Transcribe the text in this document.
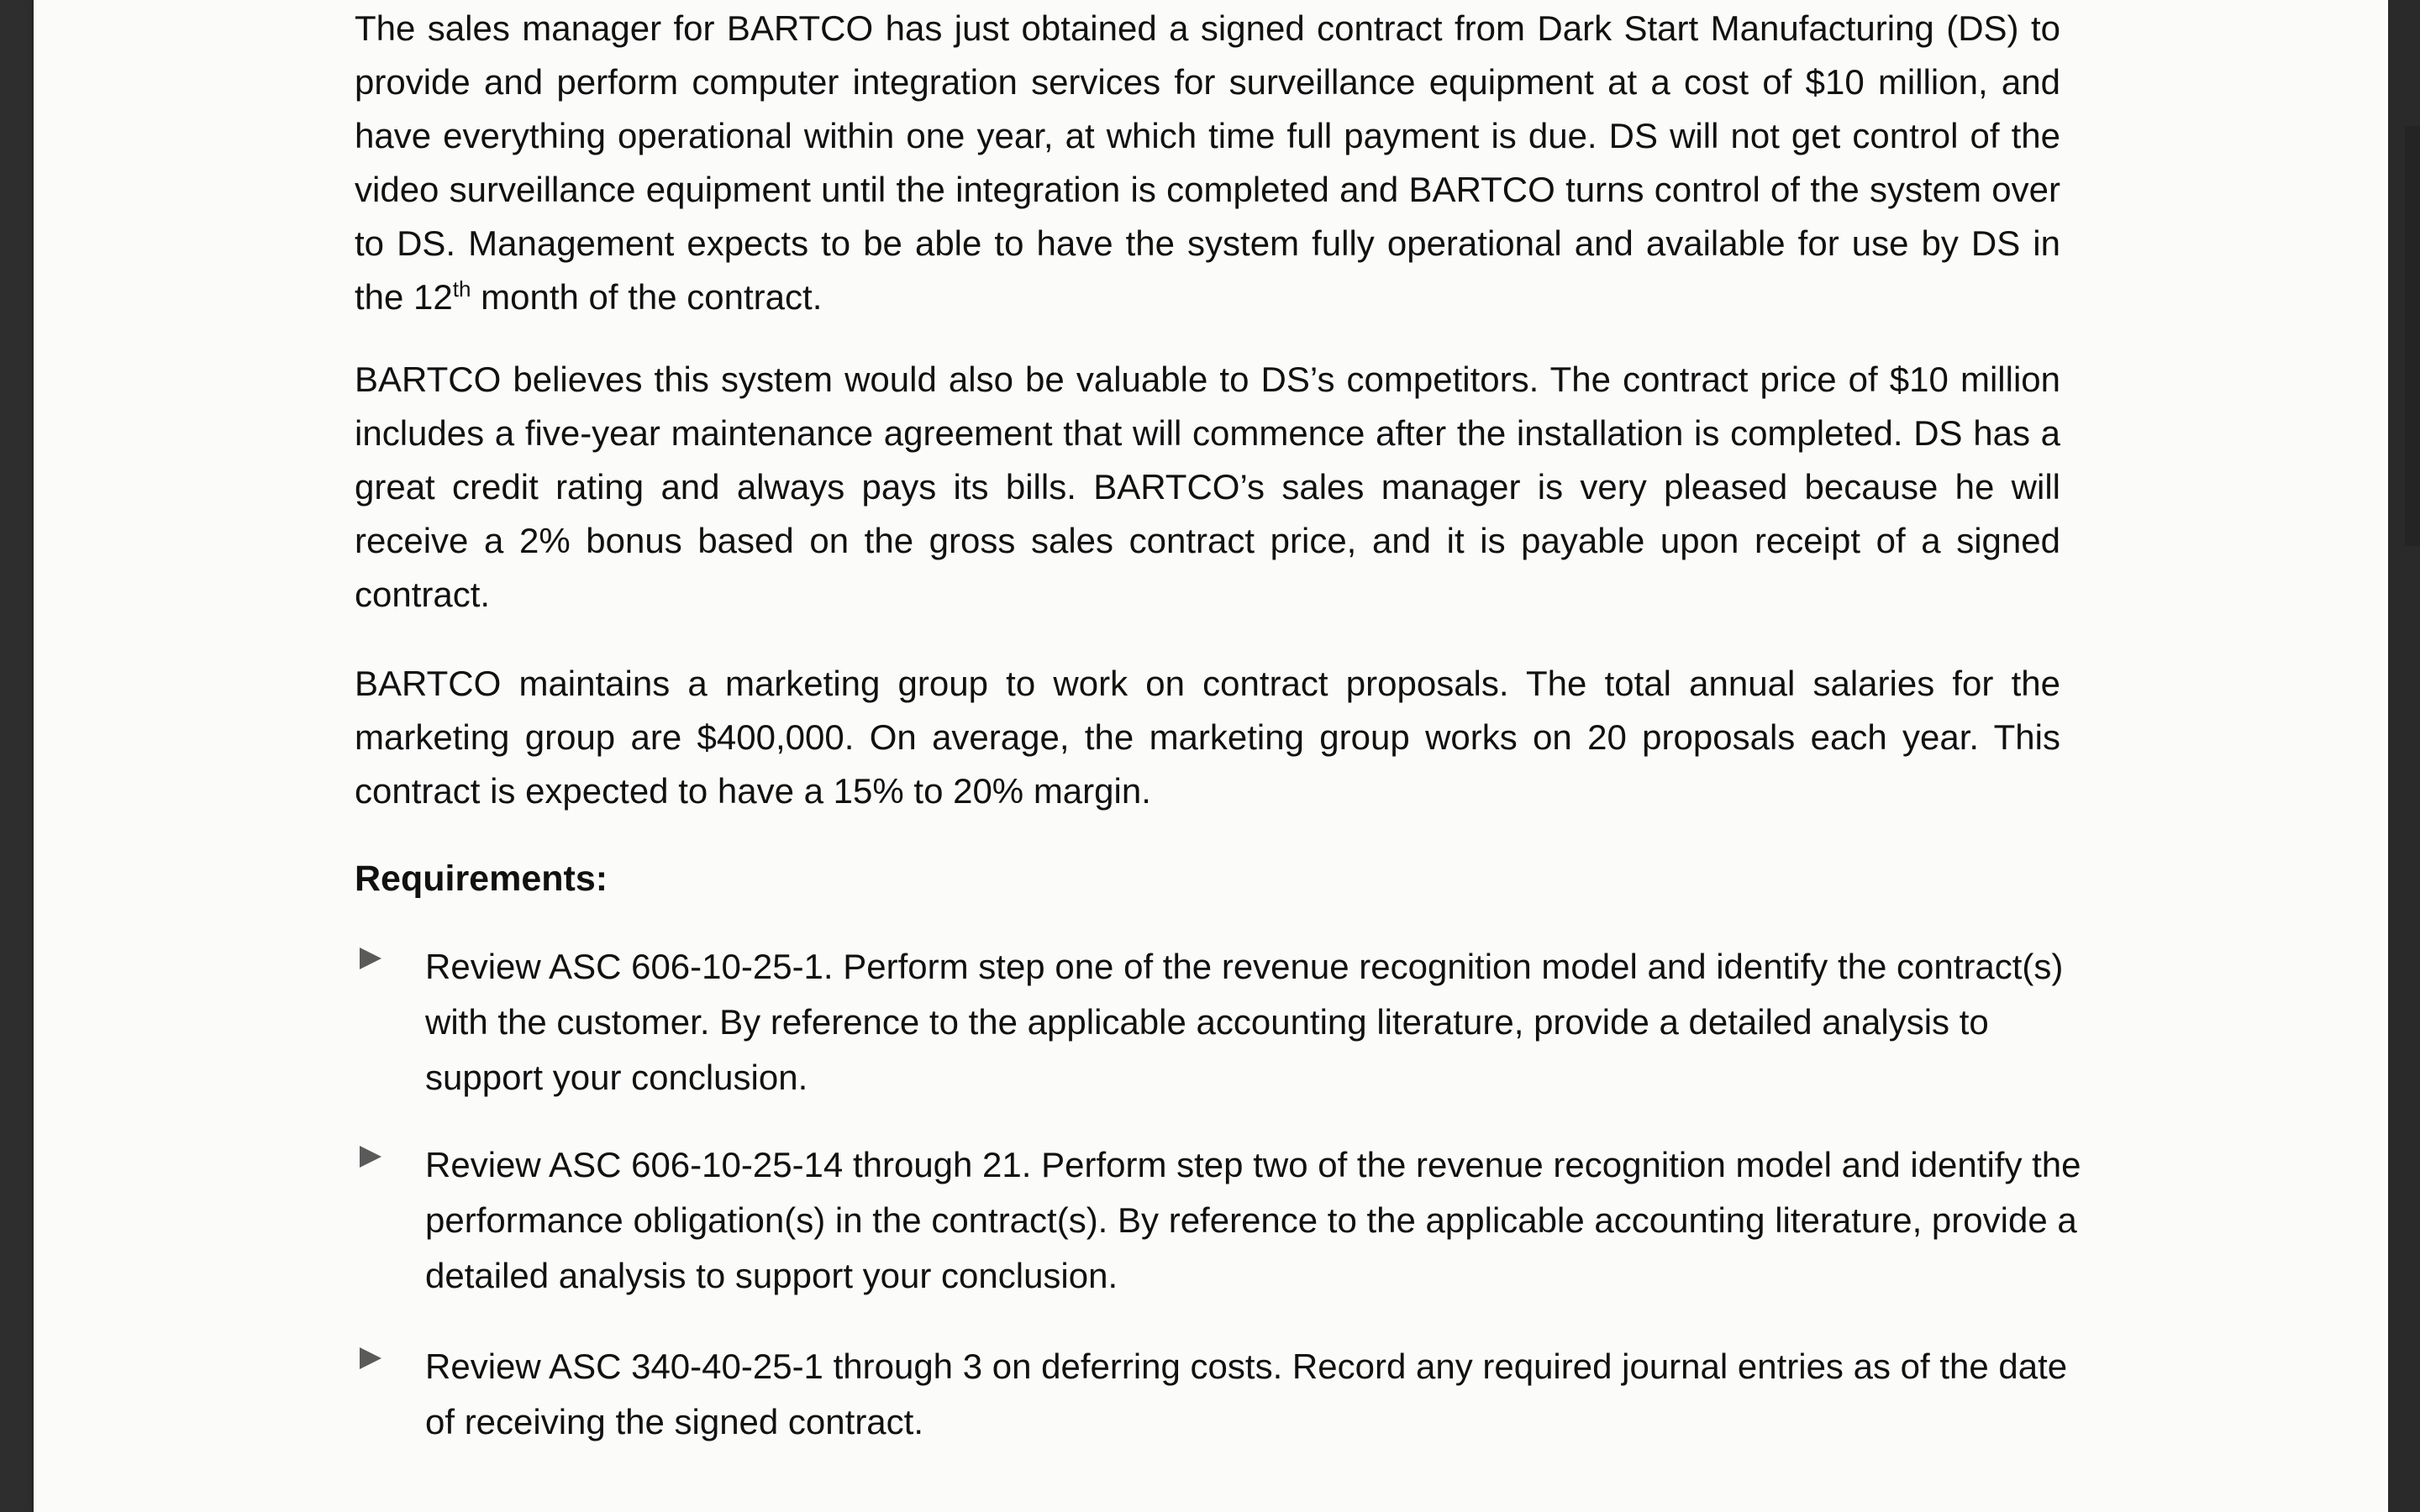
The sales manager for BARTCO has just obtained a signed contract from Dark Start Manufacturing (DS) to provide and perform computer integration services for surveillance equipment at a cost of $10 million, and have everything operational within one year, at which time full payment is due. DS will not get control of the video surveillance equipment until the integration is completed and BARTCO turns control of the system over to DS. Management expects to be able to have the system fully operational and available for use by DS in the 12th month of the contract.

BARTCO believes this system would also be valuable to DS’s competitors. The contract price of $10 million includes a five-year maintenance agreement that will commence after the installation is completed. DS has a great credit rating and always pays its bills. BARTCO’s sales manager is very pleased because he will receive a 2% bonus based on the gross sales contract price, and it is payable upon receipt of a signed contract.

BARTCO maintains a marketing group to work on contract proposals. The total annual salaries for the marketing group are $400,000. On average, the marketing group works on 20 proposals each year. This contract is expected to have a 15% to 20% margin.

Requirements:

Review ASC 606-10-25-1. Perform step one of the revenue recognition model and identify the contract(s) with the customer. By reference to the applicable accounting literature, provide a detailed analysis to support your conclusion.
Review ASC 606-10-25-14 through 21. Perform step two of the revenue recognition model and identify the performance obligation(s) in the contract(s). By reference to the applicable accounting literature, provide a detailed analysis to support your conclusion.
Review ASC 340-40-25-1 through 3 on deferring costs. Record any required journal entries as of the date of receiving the signed contract.
